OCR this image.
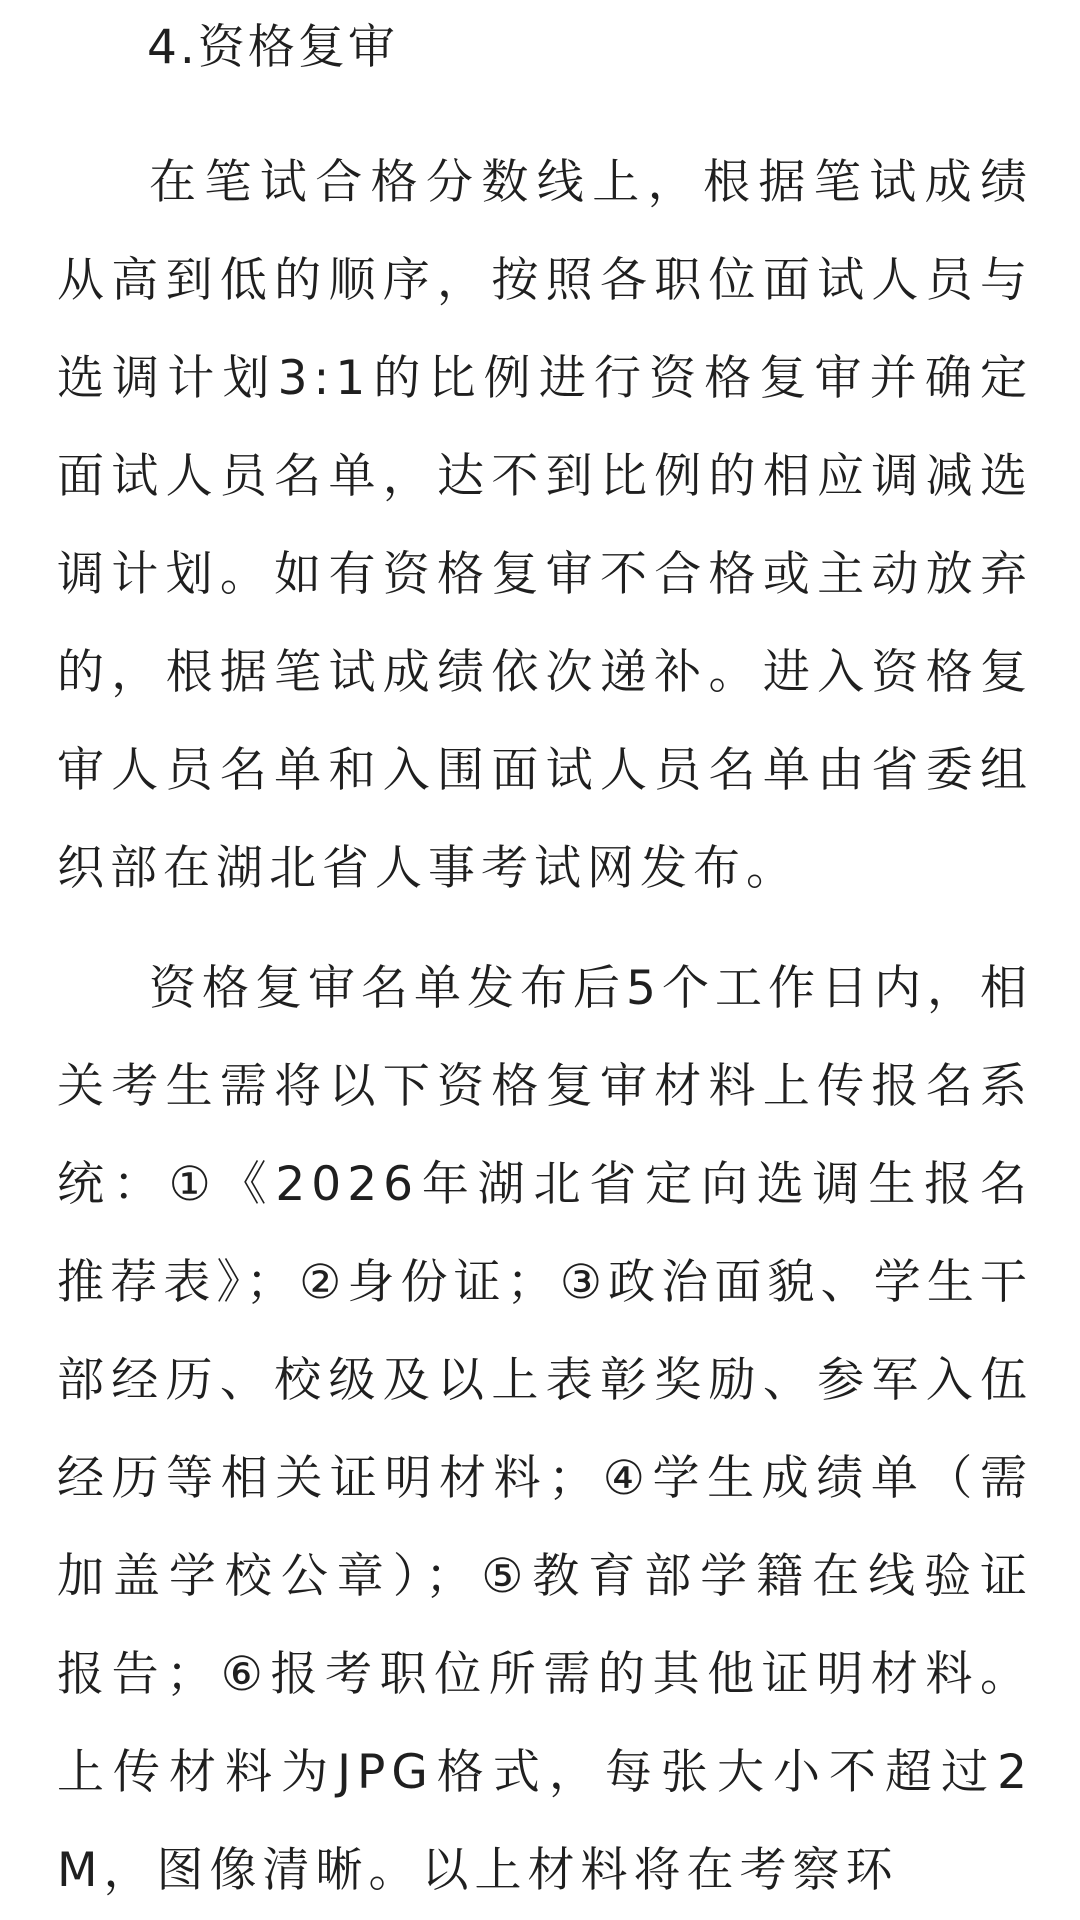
4.资格复审

在笔试合格分数线上，根据笔试成绩从高到低的顺序，按照各职位面试人员与选调计划3:1的比例进行资格复审并确定面试人员名单，达不到比例的相应调减选调计划。如有资格复审不合格或主动放弃的，根据笔试成绩依次递补。进入资格复审人员名单和入围面试人员名单由省委组织部在湖北省人事考试网发布。

资格复审名单发布后5个工作日内，相关考生需将以下资格复审材料上传报名系统：①《2026年湖北省定向选调生报名推荐表》；②身份证；③政治面貌、学生干部经历、校级及以上表彰奖励、参军入伍经历等相关证明材料；④学生成绩单（需加盖学校公章）；⑤教育部学籍在线验证报告；⑥报考职位所需的其他证明材料。上传材料为JPG格式，每张大小不超过2M，图像清晰。以上材料将在考察环
